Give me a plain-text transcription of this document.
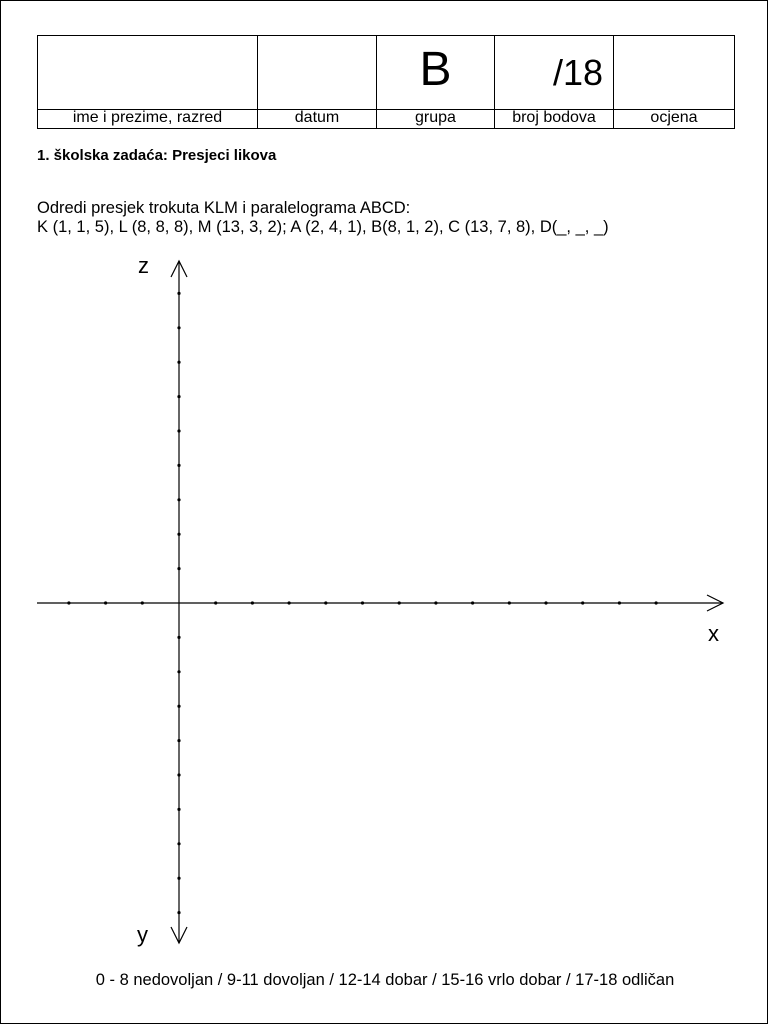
		B	/18	
ime i prezime, razred	datum	grupa	broj bodova	ocjena
1. školska zadaća: Presjeci likova
Odredi presjek trokuta KLM i paralelograma ABCD:
K (1, 1, 5), L (8, 8, 8), M (13, 3, 2); A (2, 4, 1), B(8, 1, 2), C (13, 7, 8), D(_, _, _)
z
x
y
0 - 8 nedovoljan / 9-11 dovoljan / 12-14 dobar / 15-16 vrlo dobar / 17-18 odličan
